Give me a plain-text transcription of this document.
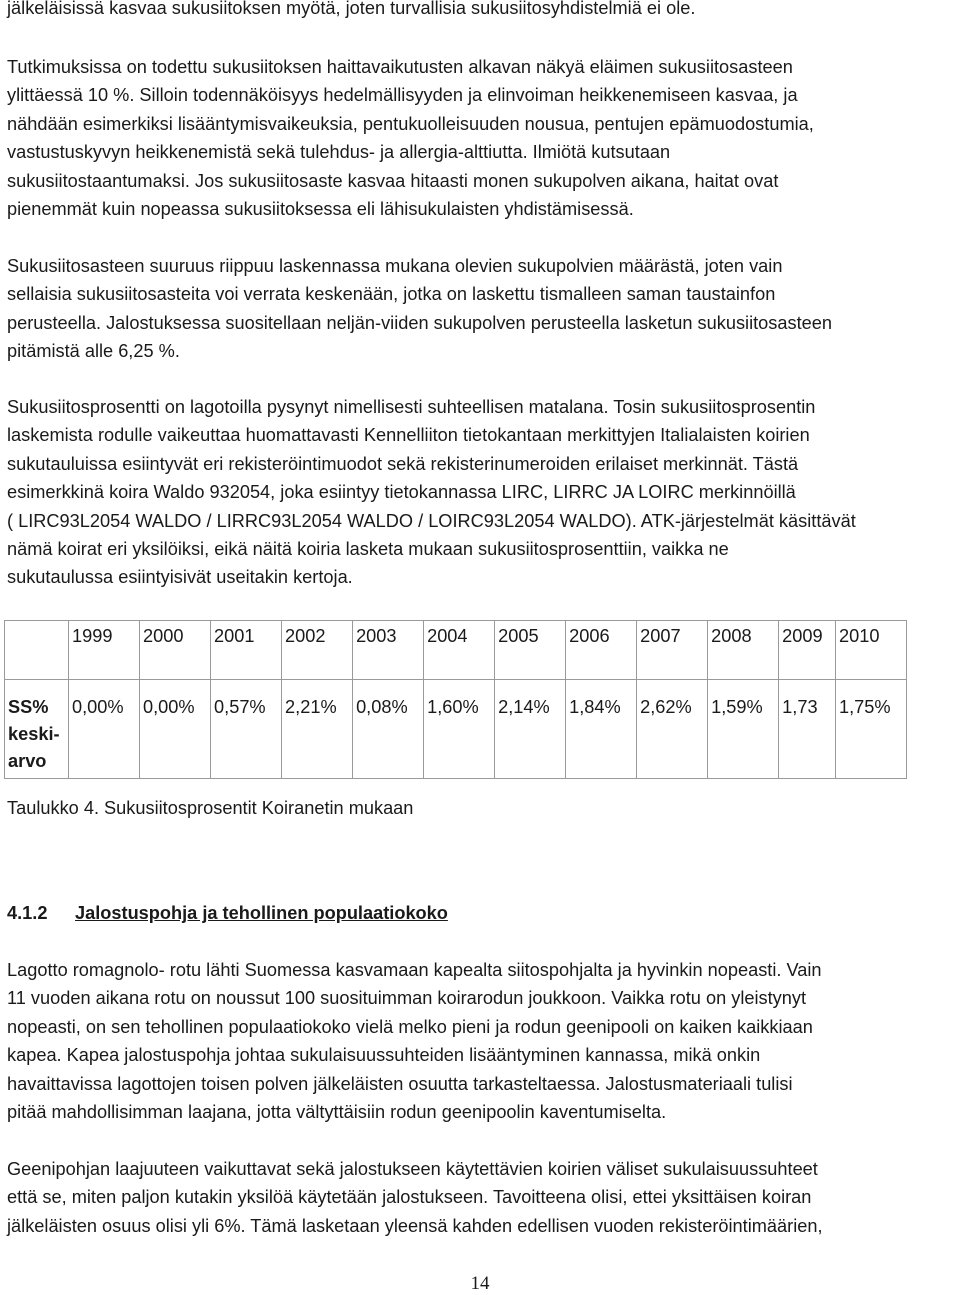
jälkeläisissä kasvaa sukusiitoksen myötä, joten turvallisia sukusiitosyhdistelmiä ei ole.

Tutkimuksissa on todettu sukusiitoksen haittavaikutusten alkavan näkyä eläimen sukusiitosasteen
ylittäessä 10 %. Silloin todennäköisyys hedelmällisyyden ja elinvoiman heikkenemiseen kasvaa, ja
nähdään esimerkiksi lisääntymisvaikeuksia, pentukuolleisuuden nousua, pentujen epämuodostumia,
vastustuskyvyn heikkenemistä sekä tulehdus- ja allergia-alttiutta. Ilmiötä kutsutaan
sukusiitostaantumaksi. Jos sukusiitosaste kasvaa hitaasti monen sukupolven aikana, haitat ovat
pienemmät kuin nopeassa sukusiitoksessa eli lähisukulaisten yhdistämisessä.

Sukusiitosasteen suuruus riippuu laskennassa mukana olevien sukupolvien määrästä, joten vain
sellaisia sukusiitosasteita voi verrata keskenään, jotka on laskettu tismalleen saman taustainfon
perusteella. Jalostuksessa suositellaan neljän-viiden sukupolven perusteella lasketun sukusiitosasteen
pitämistä alle 6,25 %.

Sukusiitosprosentti on lagotoilla pysynyt nimellisesti suhteellisen matalana. Tosin sukusiitosprosentin
laskemista rodulle vaikeuttaa huomattavasti Kennelliiton tietokantaan merkittyjen Italialaisten koirien
sukutauluissa esiintyvät eri rekisteröintimuodot sekä rekisterinumeroiden erilaiset merkinnät. Tästä
esimerkkinä koira Waldo 932054, joka esiintyy tietokannassa LIRC, LIRRC JA LOIRC merkinnöillä
( LIRC93L2054 WALDO / LIRRC93L2054 WALDO / LOIRC93L2054 WALDO). ATK-järjestelmät käsittävät
nämä koirat eri yksilöiksi, eikä näitä koiria lasketa mukaan sukusiitosprosenttiin, vaikka ne
sukutaulussa esiintyisivät useitakin kertoja.

	1999	2000	2001	2002	2003	2004	2005	2006	2007	2008	2009	2010

SS%
keski-
arvo	0,00%	0,00%	0,57%	2,21%	0,08%	1,60%	2,14%	1,84%	2,62%	1,59%	1,73	1,75%

Taulukko 4. Sukusiitosprosentit Koiranetin mukaan

4.1.2 Jalostuspohja ja tehollinen populaatiokoko

Lagotto romagnolo- rotu lähti Suomessa kasvamaan kapealta siitospohjalta ja hyvinkin nopeasti. Vain
11 vuoden aikana rotu on noussut 100 suosituimman koirarodun joukkoon. Vaikka rotu on yleistynyt
nopeasti, on sen tehollinen populaatiokoko vielä melko pieni ja rodun geenipooli on kaiken kaikkiaan
kapea. Kapea jalostuspohja johtaa sukulaisuussuhteiden lisääntyminen kannassa, mikä onkin
havaittavissa lagottojen toisen polven jälkeläisten osuutta tarkasteltaessa. Jalostusmateriaali tulisi
pitää mahdollisimman laajana, jotta vältyttäisiin rodun geenipoolin kaventumiselta.

Geenipohjan laajuuteen vaikuttavat sekä jalostukseen käytettävien koirien väliset sukulaisuussuhteet
että se, miten paljon kutakin yksilöä käytetään jalostukseen. Tavoitteena olisi, ettei yksittäisen koiran
jälkeläisten osuus olisi yli 6%. Tämä lasketaan yleensä kahden edellisen vuoden rekisteröintimäärien,

14
